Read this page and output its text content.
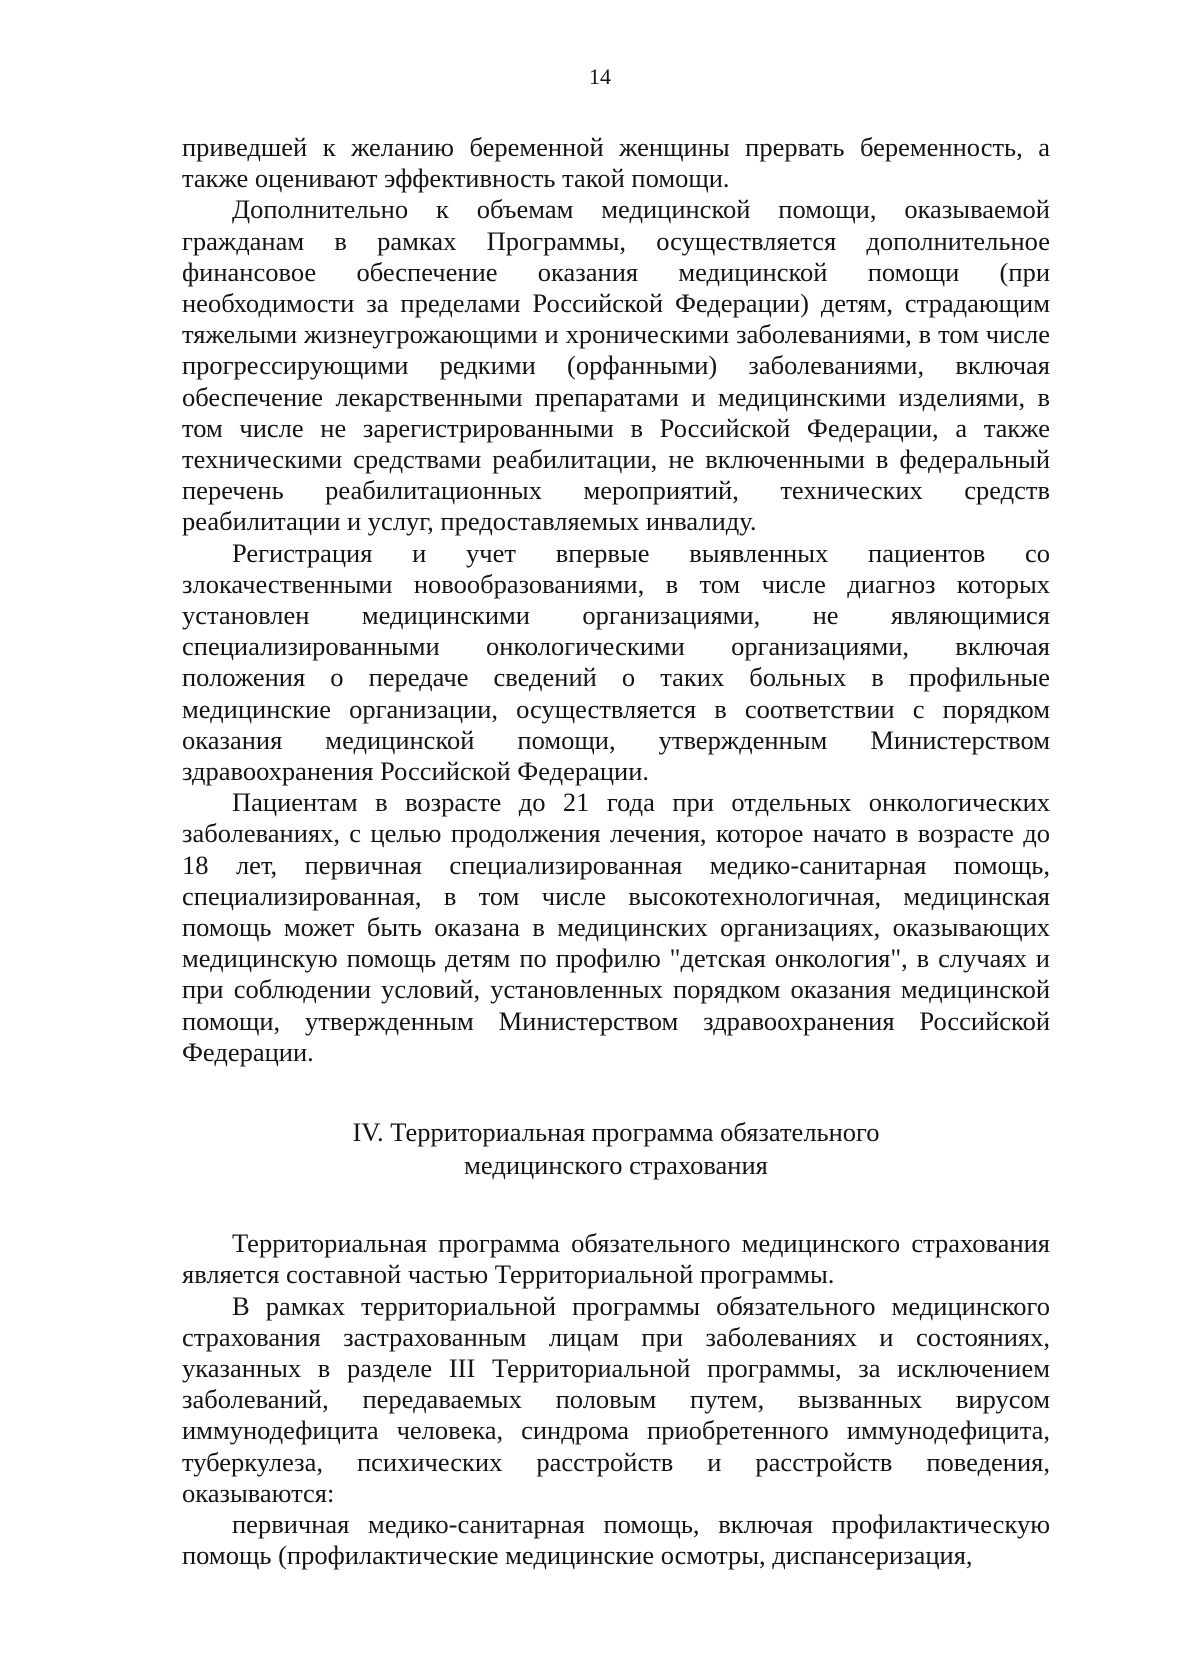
14

приведшей к желанию беременной женщины прервать беременность, а также оценивают эффективность такой помощи.

Дополнительно к объемам медицинской помощи, оказываемой гражданам в рамках Программы, осуществляется дополнительное финансовое обеспечение оказания медицинской помощи (при необходимости за пределами Российской Федерации) детям, страдающим тяжелыми жизнеугрожающими и хроническими заболеваниями, в том числе прогрессирующими редкими (орфанными) заболеваниями, включая обеспечение лекарственными препаратами и медицинскими изделиями, в том числе не зарегистрированными в Российской Федерации, а также техническими средствами реабилитации, не включенными в федеральный перечень реабилитационных мероприятий, технических средств реабилитации и услуг, предоставляемых инвалиду.

Регистрация и учет впервые выявленных пациентов со злокачественными новообразованиями, в том числе диагноз которых установлен медицинскими организациями, не являющимися специализированными онкологическими организациями, включая положения о передаче сведений о таких больных в профильные медицинские организации, осуществляется в соответствии с порядком оказания медицинской помощи, утвержденным Министерством здравоохранения Российской Федерации.

Пациентам в возрасте до 21 года при отдельных онкологических заболеваниях, с целью продолжения лечения, которое начато в возрасте до 18 лет, первичная специализированная медико-санитарная помощь, специализированная, в том числе высокотехнологичная, медицинская помощь может быть оказана в медицинских организациях, оказывающих медицинскую помощь детям по профилю "детская онкология", в случаях и при соблюдении условий, установленных порядком оказания медицинской помощи, утвержденным Министерством здравоохранения Российской Федерации.

IV. Территориальная программа обязательного
медицинского страхования

Территориальная программа обязательного медицинского страхования является составной частью Территориальной программы.

В рамках территориальной программы обязательного медицинского страхования застрахованным лицам при заболеваниях и состояниях, указанных в разделе III Территориальной программы, за исключением заболеваний, передаваемых половым путем, вызванных вирусом иммунодефицита человека, синдрома приобретенного иммунодефицита, туберкулеза, психических расстройств и расстройств поведения, оказываются:

первичная медико-санитарная помощь, включая профилактическую помощь (профилактические медицинские осмотры, диспансеризация,
